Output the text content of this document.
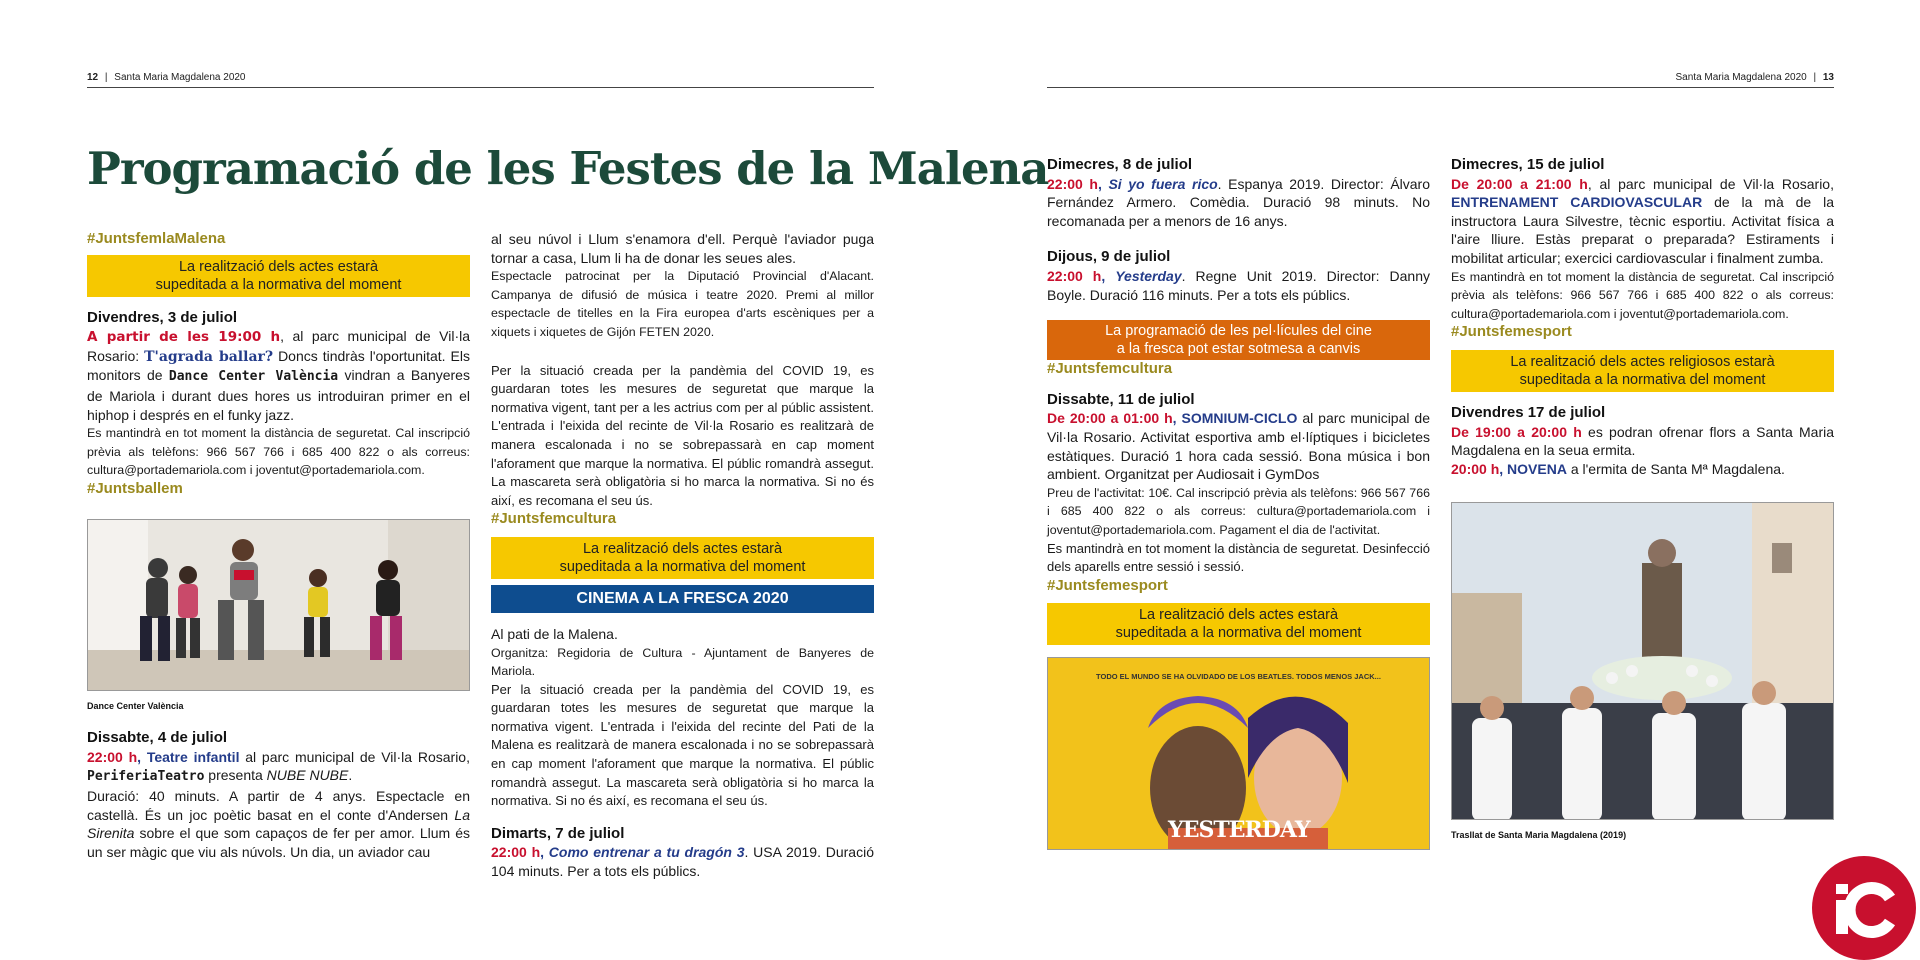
12 | Santa Maria Magdalena 2020
Programació de les Festes de la Malena
#JuntsfemlaMalena
La realització dels actes estarà
supeditada a la normativa del moment
Divendres, 3 de juliol
A partir de les 19:00 h, al parc municipal de Vil·la Rosario: T'agrada ballar? Doncs tindràs l'oportunitat. Els monitors de Dance Center València vindran a Banyeres de Mariola i durant dues hores us introduiran primer en el hiphop i després en el funky jazz.
Es mantindrà en tot moment la distància de seguretat. Cal inscripció prèvia als telèfons: 966 567 766 i 685 400 822 o als correus: cultura@portademariola.com i joventut@portademariola.com.
#Juntsballem
Dance Center València
Dissabte, 4 de juliol
22:00 h, Teatre infantil al parc municipal de Vil·la Rosario, PeriferiaTeatro presenta NUBE NUBE.
Duració: 40 minuts. A partir de 4 anys. Espectacle en castellà. És un joc poètic basat en el conte d'Andersen La Sirenita sobre el que som capaços de fer per amor. Llum és un ser màgic que viu als núvols. Un dia, un aviador cau
al seu núvol i Llum s'enamora d'ell. Perquè l'aviador puga tornar a casa, Llum li ha de donar les seues ales.
Espectacle patrocinat per la Diputació Provincial d'Alacant. Campanya de difusió de música i teatre 2020. Premi al millor espectacle de titelles en la Fira europea d'arts escèniques per a xiquets i xiquetes de Gijón FETEN 2020.
Per la situació creada per la pandèmia del COVID 19, es guardaran totes les mesures de seguretat que marque la normativa vigent, tant per a les actrius com per al públic assistent. L'entrada i l'eixida del recinte de Vil·la Rosario es realitzarà de manera escalonada i no se sobrepassarà en cap moment l'aforament que marque la normativa. El públic romandrà assegut. La mascareta serà obligatòria si ho marca la normativa. Si no és així, es recomana el seu ús.
#Juntsfemcultura
La realització dels actes estarà
supeditada a la normativa del moment
CINEMA A LA FRESCA 2020
Al pati de la Malena.
Organitza: Regidoria de Cultura - Ajuntament de Banyeres de Mariola.
Per la situació creada per la pandèmia del COVID 19, es guardaran totes les mesures de seguretat que marque la normativa vigent. L'entrada i l'eixida del recinte del Pati de la Malena es realitzarà de manera escalonada i no se sobrepassarà en cap moment l'aforament que marque la normativa. El públic romandrà assegut. La mascareta serà obligatòria si ho marca la normativa. Si no és així, es recomana el seu ús.
Dimarts, 7 de juliol
22:00 h, Como entrenar a tu dragón 3. USA 2019. Duració 104 minuts. Per a tots els públics.
Santa Maria Magdalena 2020 | 13
Dimecres, 8 de juliol
22:00 h, Si yo fuera rico. Espanya 2019. Director: Álvaro Fernández Armero. Comèdia. Duració 98 minuts. No recomanada per a menors de 16 anys.
Dijous, 9 de juliol
22:00 h, Yesterday. Regne Unit 2019. Director: Danny Boyle. Duració 116 minuts. Per a tots els públics.
La programació de les pel·lícules del cine
a la fresca pot estar sotmesa a canvis
#Juntsfemcultura
Dissabte, 11 de juliol
De 20:00 a 01:00 h, SOMNIUM-CICLO al parc municipal de Vil·la Rosario. Activitat esportiva amb el·líptiques i bicicletes estàtiques. Duració 1 hora cada sessió. Bona música i bon ambient. Organitzat per Audiosait i GymDos
Preu de l'activitat: 10€. Cal inscripció prèvia als telèfons: 966 567 766 i 685 400 822 o als correus: cultura@portademariola.com i joventut@portademariola.com. Pagament el dia de l'activitat.
Es mantindrà en tot moment la distància de seguretat. Desinfecció dels aparells entre sessió i sessió.
#Juntsfemesport
La realització dels actes estarà
supeditada a la normativa del moment
TODO EL MUNDO SE HA OLVIDADO DE LOS BEATLES. TODOS MENOS JACK...
YESTERDAY
Dimecres, 15 de juliol
De 20:00 a 21:00 h, al parc municipal de Vil·la Rosario, ENTRENAMENT CARDIOVASCULAR de la mà de la instructora Laura Silvestre, tècnic esportiu. Activitat física a l'aire lliure. Estàs preparat o preparada? Estiraments i mobilitat articular; exercici cardiovascular i finalment zumba.
Es mantindrà en tot moment la distància de seguretat. Cal inscripció prèvia als telèfons: 966 567 766 i 685 400 822 o als correus: cultura@portademariola.com i joventut@portademariola.com.
#Juntsfemesport
La realització dels actes religiosos estarà
supeditada a la normativa del moment
Divendres 17 de juliol
De 19:00 a 20:00 h es podran ofrenar flors a Santa Maria Magdalena en la seua ermita.
20:00 h, NOVENA a l'ermita de Santa Mª Magdalena.
Trasllat de Santa Maria Magdalena (2019)
